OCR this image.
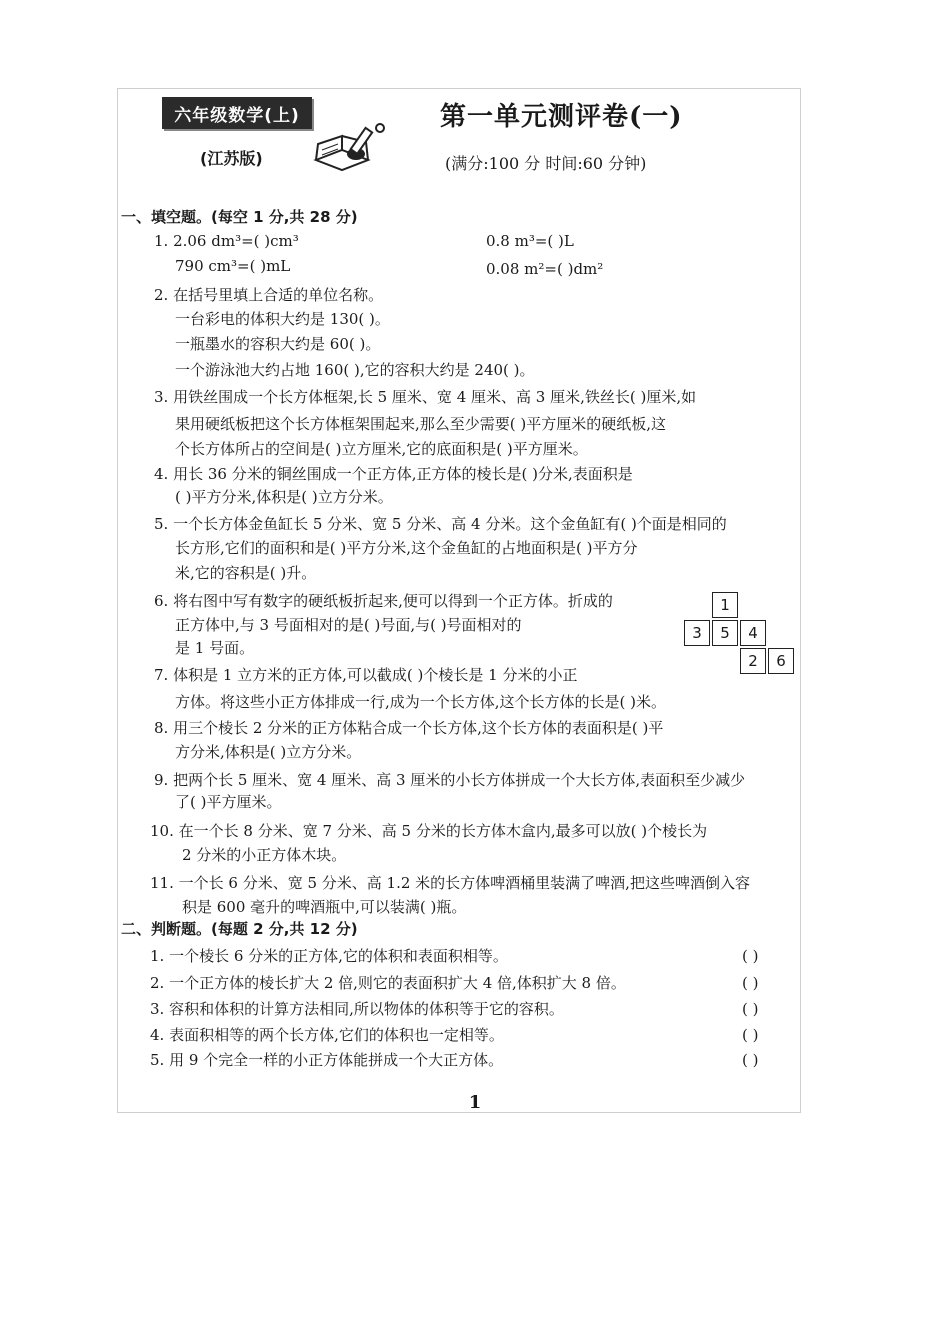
六年级数学(上)
(江苏版)
第一单元测评卷(一)
(满分:100 分 时间:60 分钟)
一、填空题。(每空 1 分,共 28 分)
1. 2.06 dm³=( )cm³	0.8 m³=( )L
790 cm³=( )mL	0.08 m²=( )dm²
2. 在括号里填上合适的单位名称。
一台彩电的体积大约是 130( )。
一瓶墨水的容积大约是 60( )。
一个游泳池大约占地 160( ),它的容积大约是 240( )。
3. 用铁丝围成一个长方体框架,长 5 厘米、宽 4 厘米、高 3 厘米,铁丝长( )厘米,如
果用硬纸板把这个长方体框架围起来,那么至少需要( )平方厘米的硬纸板,这
个长方体所占的空间是( )立方厘米,它的底面积是( )平方厘米。
4. 用长 36 分米的铜丝围成一个正方体,正方体的棱长是( )分米,表面积是
( )平方分米,体积是( )立方分米。
5. 一个长方体金鱼缸长 5 分米、宽 5 分米、高 4 分米。这个金鱼缸有( )个面是相同的
长方形,它们的面积和是( )平方分米,这个金鱼缸的占地面积是( )平方分
米,它的容积是( )升。
6. 将右图中写有数字的硬纸板折起来,便可以得到一个正方体。折成的
正方体中,与 3 号面相对的是( )号面,与( )号面相对的
是 1 号面。
7. 体积是 1 立方米的正方体,可以截成( )个棱长是 1 分米的小正
方体。将这些小正方体排成一行,成为一个长方体,这个长方体的长是( )米。
8. 用三个棱长 2 分米的正方体粘合成一个长方体,这个长方体的表面积是( )平
方分米,体积是( )立方分米。
9. 把两个长 5 厘米、宽 4 厘米、高 3 厘米的小长方体拼成一个大长方体,表面积至少减少
了( )平方厘米。
10. 在一个长 8 分米、宽 7 分米、高 5 分米的长方体木盒内,最多可以放( )个棱长为
2 分米的小正方体木块。
11. 一个长 6 分米、宽 5 分米、高 1.2 米的长方体啤酒桶里装满了啤酒,把这些啤酒倒入容
积是 600 毫升的啤酒瓶中,可以装满( )瓶。
1
3	5	4
2	6
二、判断题。(每题 2 分,共 12 分)
1. 一个棱长 6 分米的正方体,它的体积和表面积相等。	( )
2. 一个正方体的棱长扩大 2 倍,则它的表面积扩大 4 倍,体积扩大 8 倍。	( )
3. 容积和体积的计算方法相同,所以物体的体积等于它的容积。	( )
4. 表面积相等的两个长方体,它们的体积也一定相等。	( )
5. 用 9 个完全一样的小正方体能拼成一个大正方体。	( )
1
